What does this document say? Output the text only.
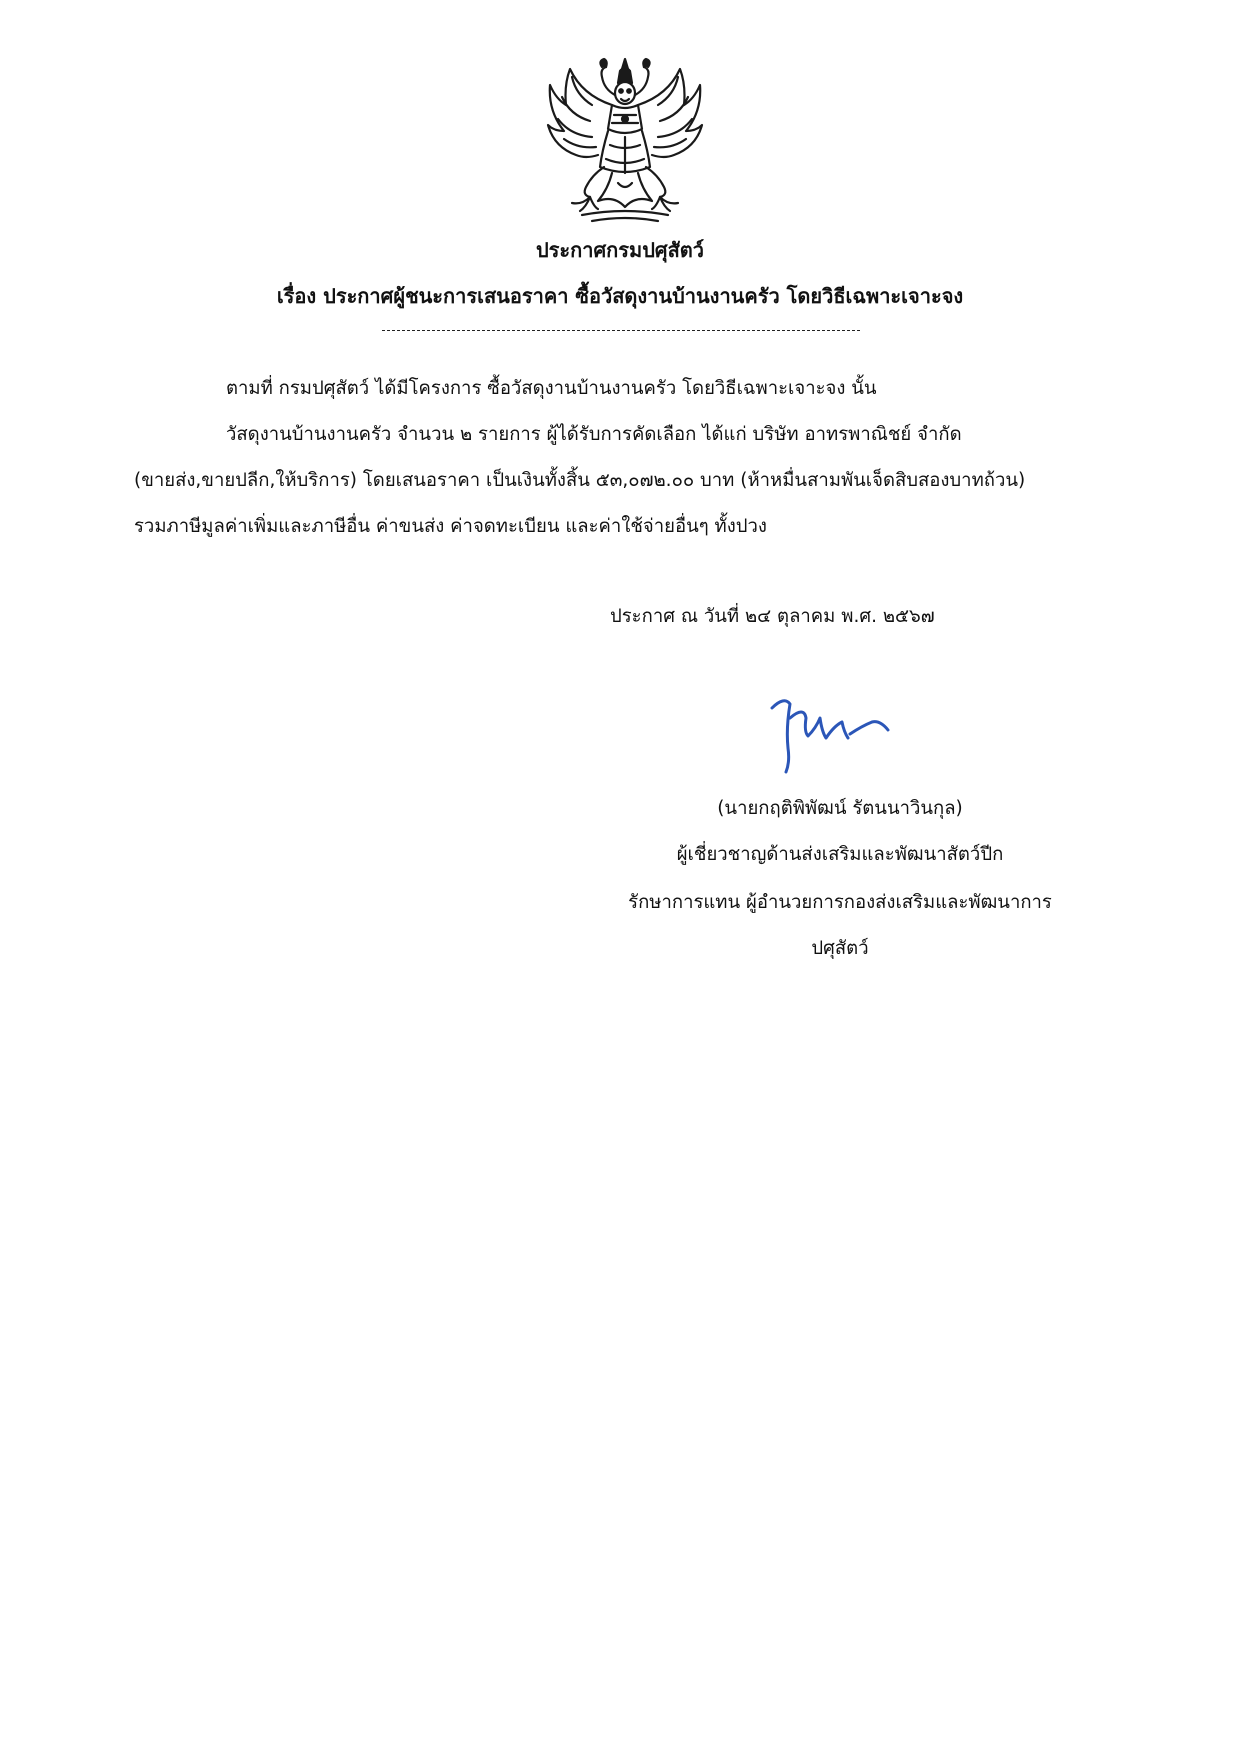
ประกาศกรมปศุสัตว์
เรื่อง ประกาศผู้ชนะการเสนอราคา ซื้อวัสดุงานบ้านงานครัว โดยวิธีเฉพาะเจาะจง
ตามที่ กรมปศุสัตว์ ได้มีโครงการ ซื้อวัสดุงานบ้านงานครัว โดยวิธีเฉพาะเจาะจง นั้น
วัสดุงานบ้านงานครัว จำนวน ๒ รายการ ผู้ได้รับการคัดเลือก ได้แก่ บริษัท อาทรพาณิชย์ จำกัด
(ขายส่ง,ขายปลีก,ให้บริการ) โดยเสนอราคา เป็นเงินทั้งสิ้น ๕๓,๐๗๒.๐๐ บาท (ห้าหมื่นสามพันเจ็ดสิบสองบาทถ้วน)
รวมภาษีมูลค่าเพิ่มและภาษีอื่น ค่าขนส่ง ค่าจดทะเบียน และค่าใช้จ่ายอื่นๆ ทั้งปวง
ประกาศ ณ วันที่ ๒๔ ตุลาคม พ.ศ. ๒๕๖๗
(นายกฤติพิพัฒน์ รัตนนาวินกุล)
ผู้เชี่ยวชาญด้านส่งเสริมและพัฒนาสัตว์ปีก
รักษาการแทน ผู้อำนวยการกองส่งเสริมและพัฒนาการ
ปศุสัตว์
